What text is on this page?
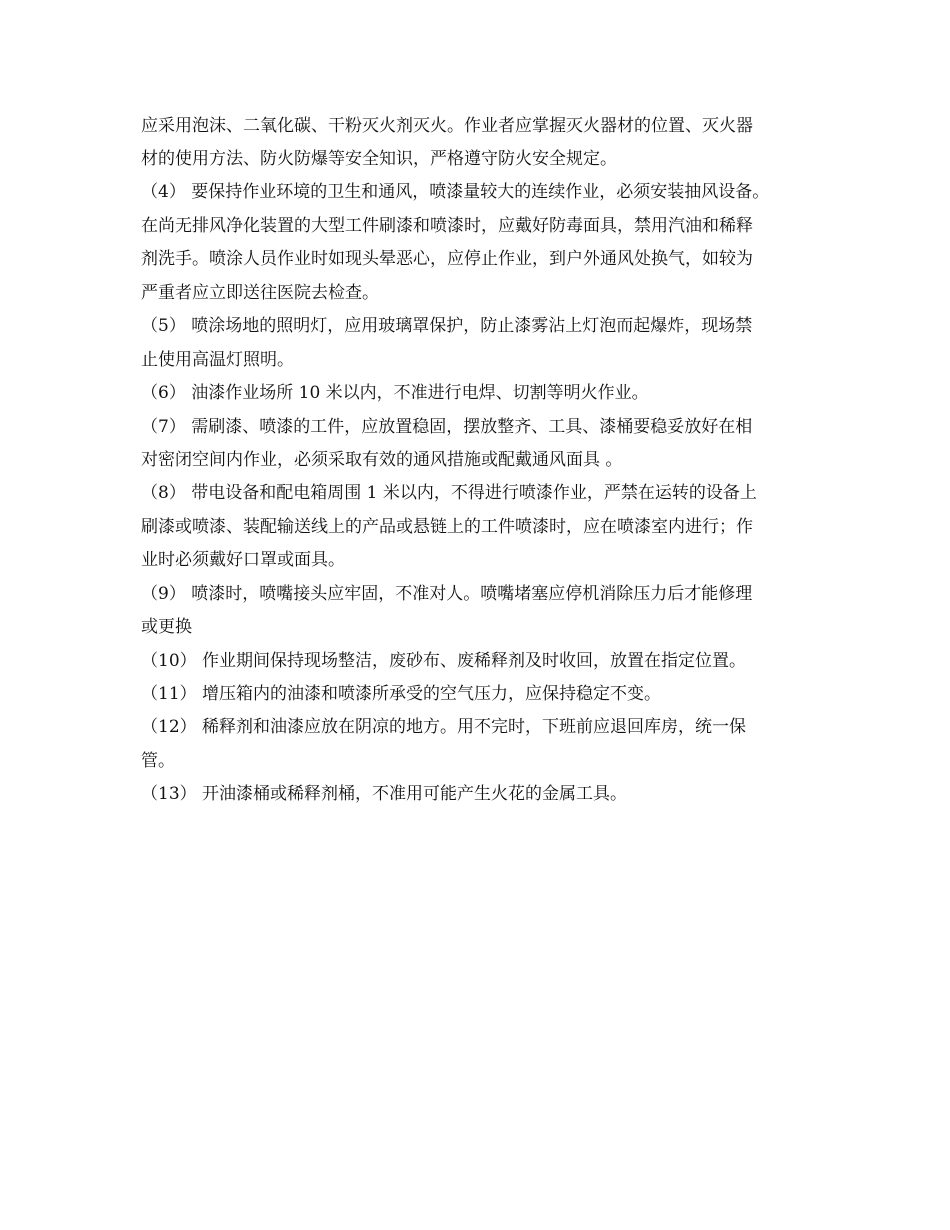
应采用泡沫、二氧化碳、干粉灭火剂灭火。作业者应掌握灭火器材的位置、灭火器
材的使用方法、防火防爆等安全知识，严格遵守防火安全规定。
（4） 要保持作业环境的卫生和通风，喷漆量较大的连续作业，必须安装抽风设备。
在尚无排风净化装置的大型工件刷漆和喷漆时，应戴好防毒面具，禁用汽油和稀释
剂洗手。喷涂人员作业时如现头晕恶心，应停止作业，到户外通风处换气，如较为
严重者应立即送往医院去检查。
（5） 喷涂场地的照明灯，应用玻璃罩保护，防止漆雾沾上灯泡而起爆炸，现场禁
止使用高温灯照明。
（6） 油漆作业场所 10 米以内，不准进行电焊、切割等明火作业。
（7） 需刷漆、喷漆的工件，应放置稳固，摆放整齐、工具、漆桶要稳妥放好在相
对密闭空间内作业，必须采取有效的通风措施或配戴通风面具 。
（8） 带电设备和配电箱周围 1 米以内，不得进行喷漆作业，严禁在运转的设备上
刷漆或喷漆、装配输送线上的产品或悬链上的工件喷漆时，应在喷漆室内进行；作
业时必须戴好口罩或面具。
（9） 喷漆时，喷嘴接头应牢固，不准对人。喷嘴堵塞应停机消除压力后才能修理
或更换
（10） 作业期间保持现场整洁，废砂布、废稀释剂及时收回，放置在指定位置。
（11） 增压箱内的油漆和喷漆所承受的空气压力，应保持稳定不变。
（12） 稀释剂和油漆应放在阴凉的地方。用不完时，下班前应退回库房，统一保
管。
（13） 开油漆桶或稀释剂桶，不准用可能产生火花的金属工具。
